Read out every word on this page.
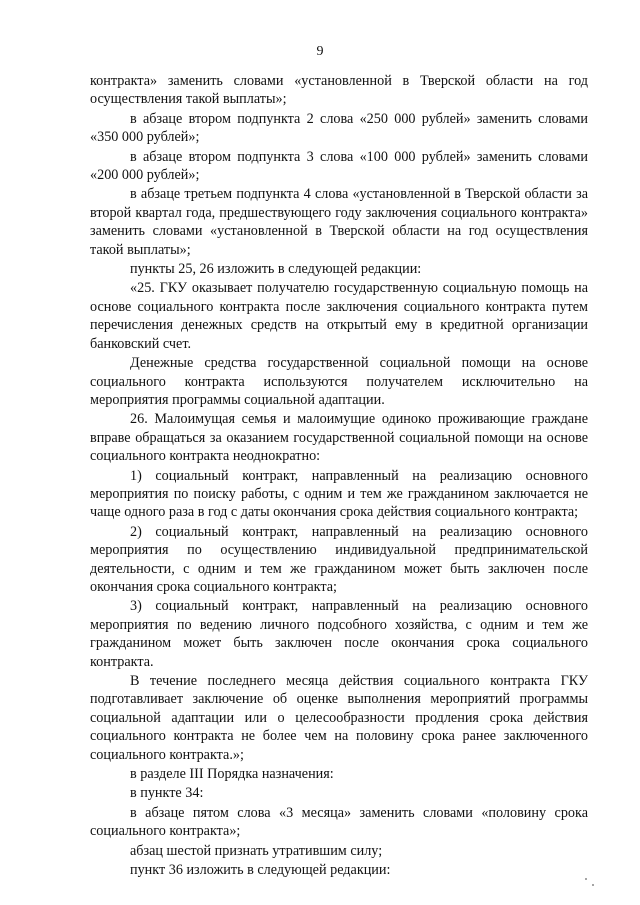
9

контракта» заменить словами «установленной в Тверской области на год осуществления такой выплаты»;

в абзаце втором подпункта 2 слова «250 000 рублей» заменить словами «350 000 рублей»;

в абзаце втором подпункта 3 слова «100 000 рублей» заменить словами «200 000 рублей»;

в абзаце третьем подпункта 4 слова «установленной в Тверской области за второй квартал года, предшествующего году заключения социального контракта» заменить словами «установленной в Тверской области на год осуществления такой выплаты»;

пункты 25, 26 изложить в следующей редакции:

«25. ГКУ оказывает получателю государственную социальную помощь на основе социального контракта после заключения социального контракта путем перечисления денежных средств на открытый ему в кредитной организации банковский счет.

Денежные средства государственной социальной помощи на основе социального контракта используются получателем исключительно на мероприятия программы социальной адаптации.

26. Малоимущая семья и малоимущие одиноко проживающие граждане вправе обращаться за оказанием государственной социальной помощи на основе социального контракта неоднократно:

1) социальный контракт, направленный на реализацию основного мероприятия по поиску работы, с одним и тем же гражданином заключается не чаще одного раза в год с даты окончания срока действия социального контракта;

2) социальный контракт, направленный на реализацию основного мероприятия по осуществлению индивидуальной предпринимательской деятельности, с одним и тем же гражданином может быть заключен после окончания срока социального контракта;

3) социальный контракт, направленный на реализацию основного мероприятия по ведению личного подсобного хозяйства, с одним и тем же гражданином может быть заключен после окончания срока социального контракта.

В течение последнего месяца действия социального контракта ГКУ подготавливает заключение об оценке выполнения мероприятий программы социальной адаптации или о целесообразности продления срока действия социального контракта не более чем на половину срока ранее заключенного социального контракта.»;

в разделе III Порядка назначения:

в пункте 34:

в абзаце пятом слова «3 месяца» заменить словами «половину срока социального контракта»;

абзац шестой признать утратившим силу;

пункт 36 изложить в следующей редакции:
